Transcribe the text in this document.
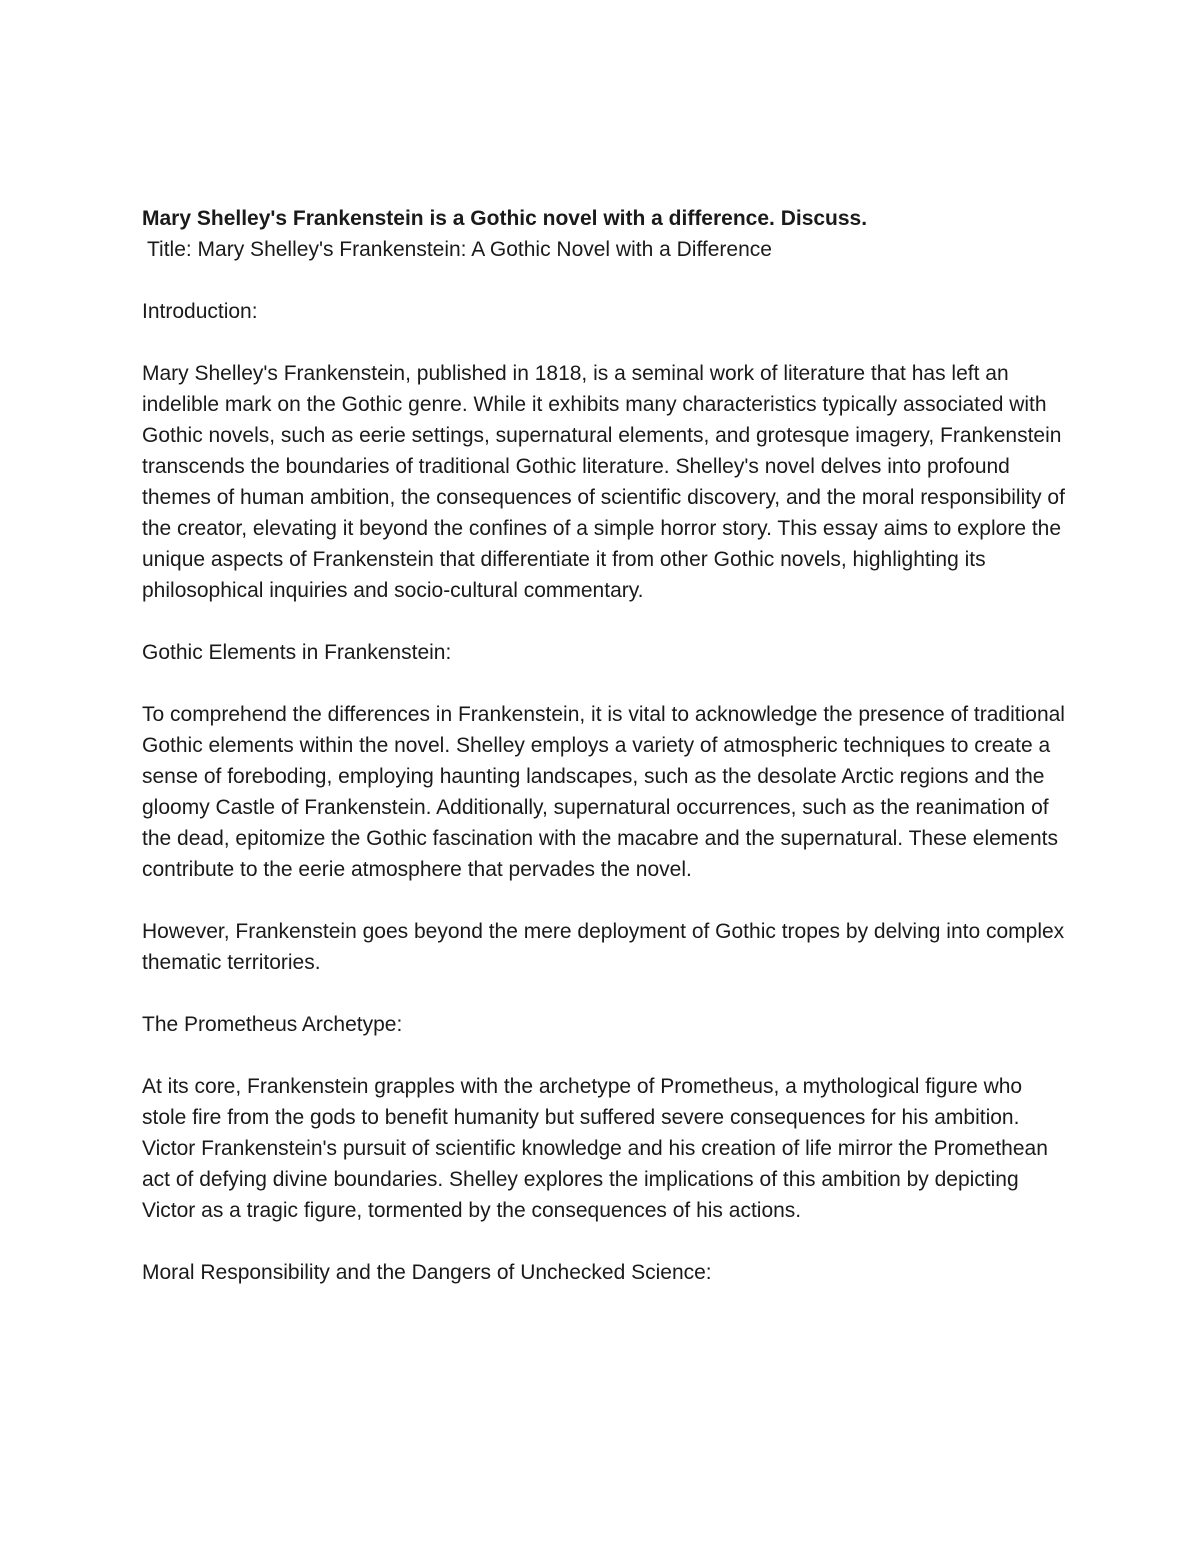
Mary Shelley's Frankenstein is a Gothic novel with a difference. Discuss.

Title: Mary Shelley's Frankenstein: A Gothic Novel with a Difference

Introduction:

Mary Shelley's Frankenstein, published in 1818, is a seminal work of literature that has left an indelible mark on the Gothic genre. While it exhibits many characteristics typically associated with Gothic novels, such as eerie settings, supernatural elements, and grotesque imagery, Frankenstein transcends the boundaries of traditional Gothic literature. Shelley's novel delves into profound themes of human ambition, the consequences of scientific discovery, and the moral responsibility of the creator, elevating it beyond the confines of a simple horror story. This essay aims to explore the unique aspects of Frankenstein that differentiate it from other Gothic novels, highlighting its philosophical inquiries and socio-cultural commentary.

Gothic Elements in Frankenstein:

To comprehend the differences in Frankenstein, it is vital to acknowledge the presence of traditional Gothic elements within the novel. Shelley employs a variety of atmospheric techniques to create a sense of foreboding, employing haunting landscapes, such as the desolate Arctic regions and the gloomy Castle of Frankenstein. Additionally, supernatural occurrences, such as the reanimation of the dead, epitomize the Gothic fascination with the macabre and the supernatural. These elements contribute to the eerie atmosphere that pervades the novel.

However, Frankenstein goes beyond the mere deployment of Gothic tropes by delving into complex thematic territories.

The Prometheus Archetype:

At its core, Frankenstein grapples with the archetype of Prometheus, a mythological figure who stole fire from the gods to benefit humanity but suffered severe consequences for his ambition. Victor Frankenstein's pursuit of scientific knowledge and his creation of life mirror the Promethean act of defying divine boundaries. Shelley explores the implications of this ambition by depicting Victor as a tragic figure, tormented by the consequences of his actions.

Moral Responsibility and the Dangers of Unchecked Science:
